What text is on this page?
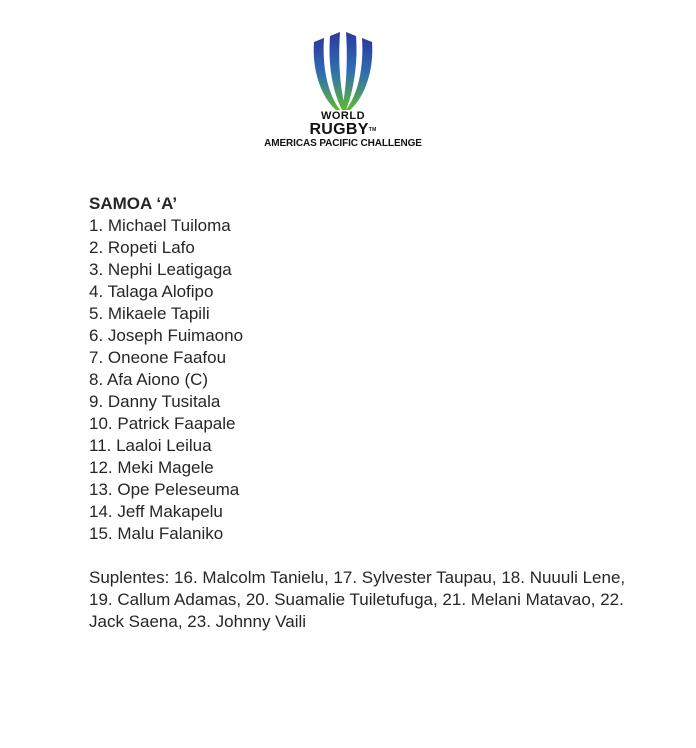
WORLD
RUGBYTM
AMERICAS PACIFIC CHALLENGE
SAMOA ‘A’
1. Michael Tuiloma
2. Ropeti Lafo
3. Nephi Leatigaga
4. Talaga Alofipo
5. Mikaele Tapili
6. Joseph Fuimaono
7. Oneone Faafou
8. Afa Aiono (C)
9. Danny Tusitala
10. Patrick Faapale
11. Laaloi Leilua
12. Meki Magele
13. Ope Peleseuma
14. Jeff Makapelu
15. Malu Falaniko

Suplentes: 16. Malcolm Tanielu, 17. Sylvester Taupau, 18. Nuuuli Lene, 19. Callum Adamas, 20. Suamalie Tuiletufuga, 21. Melani Matavao, 22. Jack Saena, 23. Johnny Vaili
